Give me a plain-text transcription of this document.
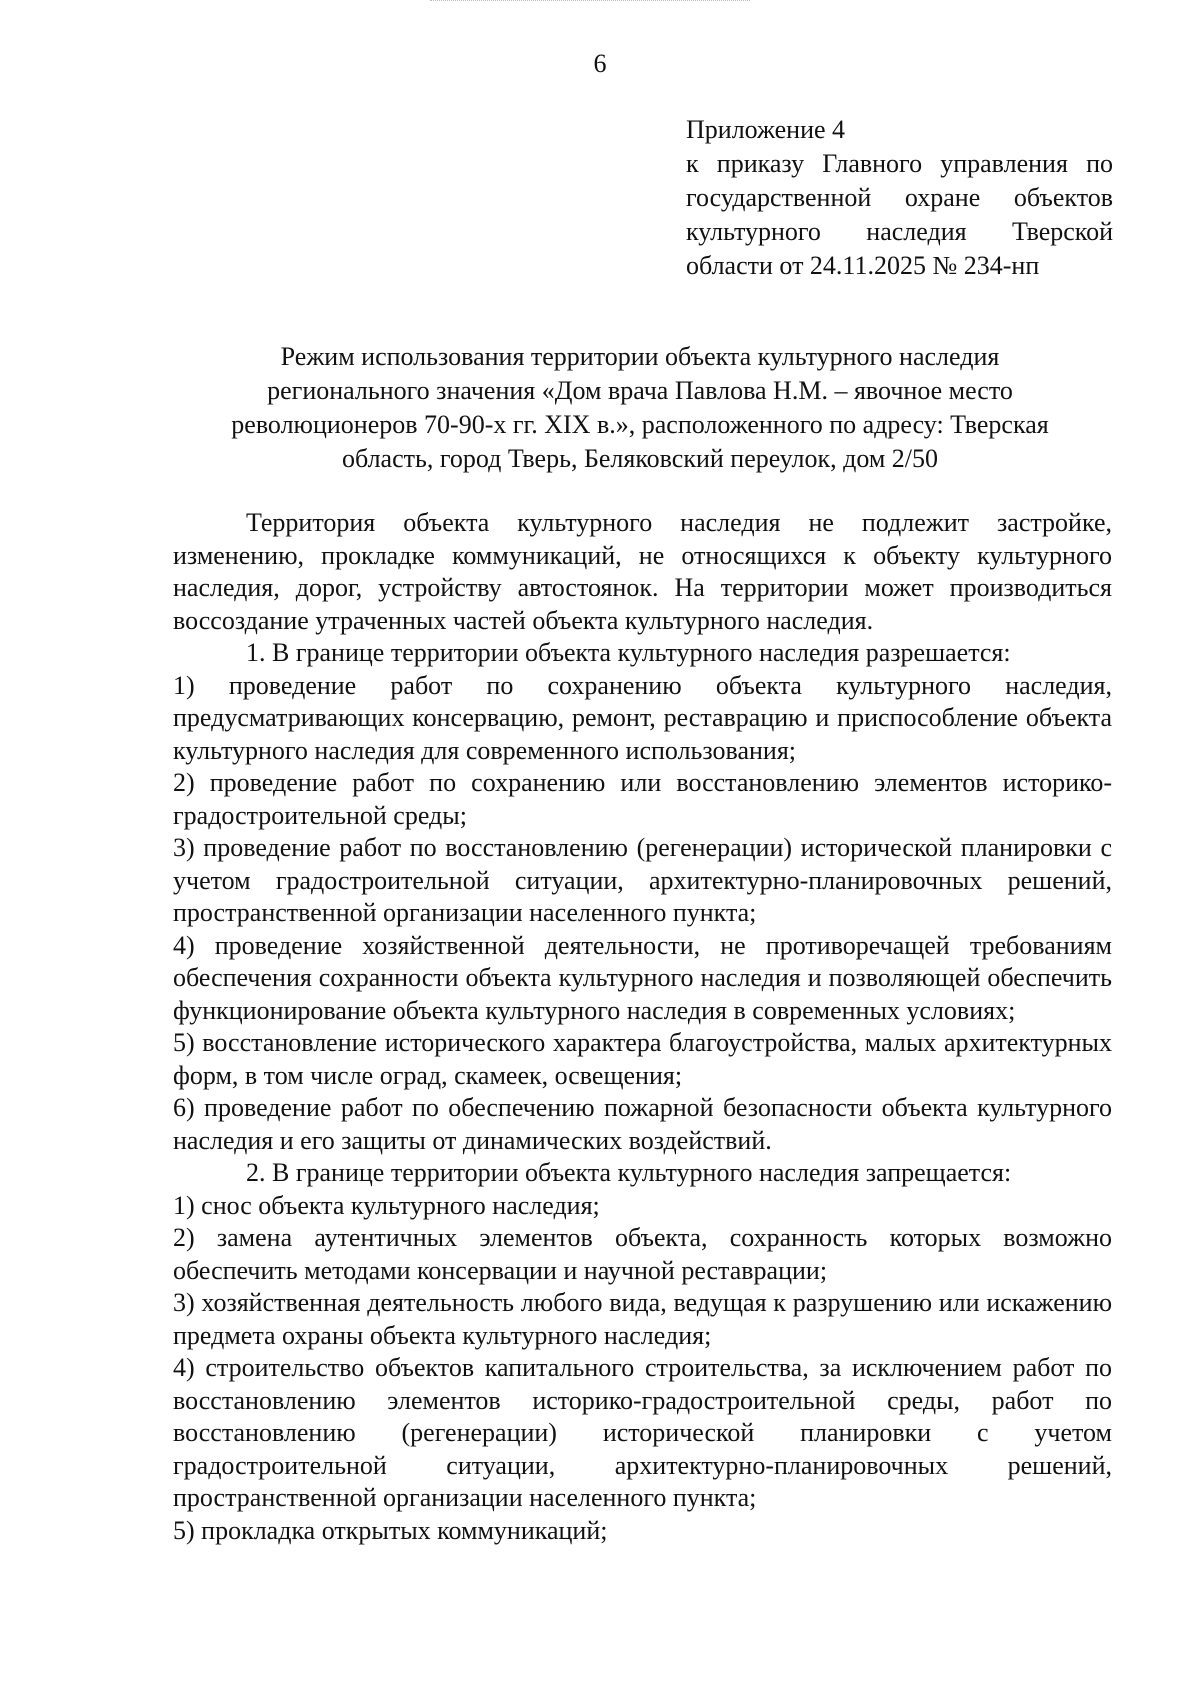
6
Приложение 4
к приказу Главного управления по
государственной охране объектов
культурного наследия Тверской
области от 24.11.2025 № 234-нп
Режим использования территории объекта культурного наследия
регионального значения «Дом врача Павлова Н.М. – явочное место
революционеров 70-90-х гг. XIX в.», расположенного по адресу: Тверская
область, город Тверь, Беляковский переулок, дом 2/50

Территория объекта культурного наследия не подлежит застройке, изменению, прокладке коммуникаций, не относящихся к объекту культурного наследия, дорог, устройству автостоянок. На территории может производиться воссоздание утраченных частей объекта культурного наследия.

1. В границе территории объекта культурного наследия разрешается:

1) проведение работ по сохранению объекта культурного наследия, предусматривающих консервацию, ремонт, реставрацию и приспособление объекта культурного наследия для современного использования;

2) проведение работ по сохранению или восстановлению элементов историко-градостроительной среды;

3) проведение работ по восстановлению (регенерации) исторической планировки с учетом градостроительной ситуации, архитектурно-планировочных решений, пространственной организации населенного пункта;

4) проведение хозяйственной деятельности, не противоречащей требованиям обеспечения сохранности объекта культурного наследия и позволяющей обеспечить функционирование объекта культурного наследия в современных условиях;

5) восстановление исторического характера благоустройства, малых архитектурных форм, в том числе оград, скамеек, освещения;

6) проведение работ по обеспечению пожарной безопасности объекта культурного наследия и его защиты от динамических воздействий.

2. В границе территории объекта культурного наследия запрещается:

1) снос объекта культурного наследия;

2) замена аутентичных элементов объекта, сохранность которых возможно обеспечить методами консервации и научной реставрации;

3) хозяйственная деятельность любого вида, ведущая к разрушению или искажению предмета охраны объекта культурного наследия;

4) строительство объектов капитального строительства, за исключением работ по восстановлению элементов историко-градостроительной среды, работ по восстановлению (регенерации) исторической планировки с учетом градостроительной ситуации, архитектурно-планировочных решений, пространственной организации населенного пункта;

5) прокладка открытых коммуникаций;
